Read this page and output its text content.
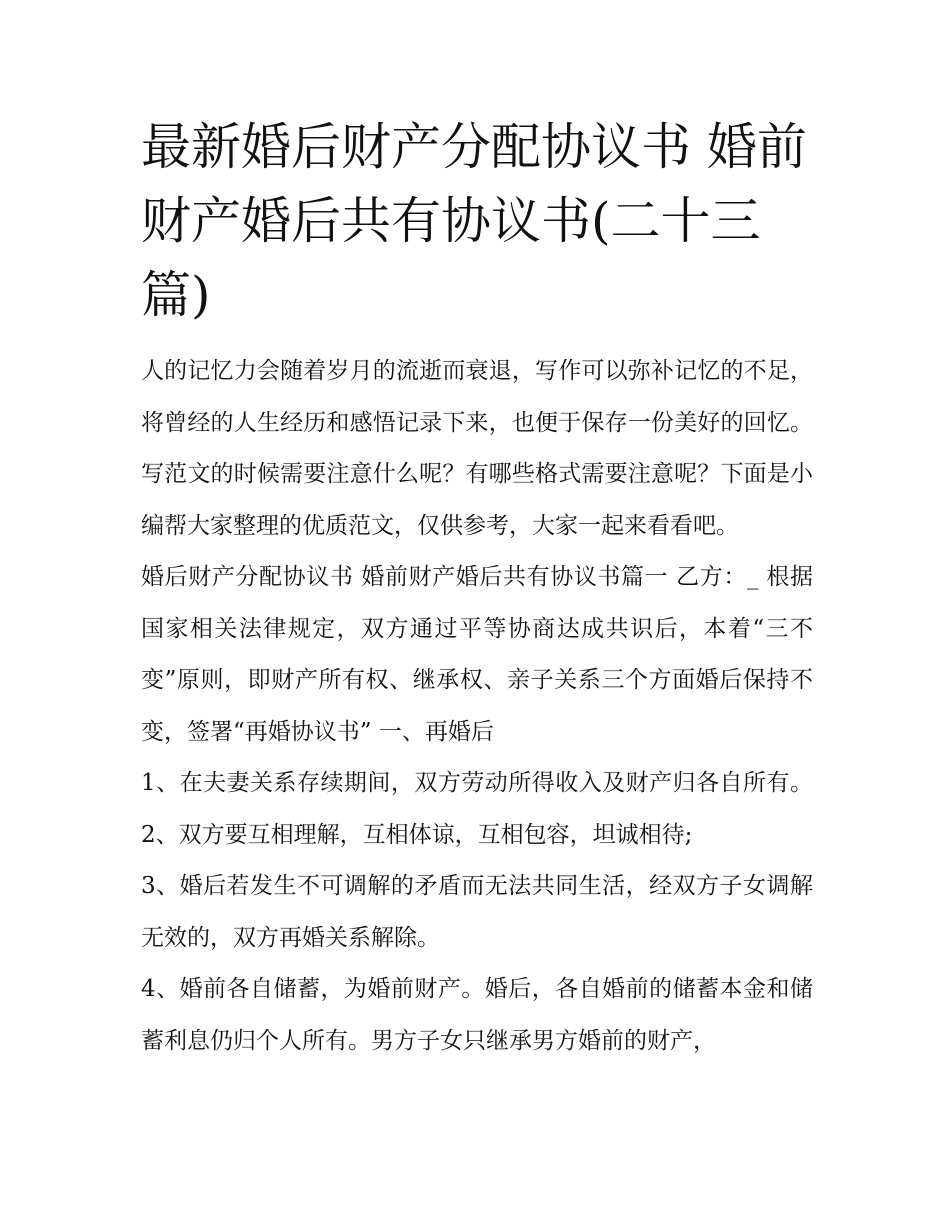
最新婚后财产分配协议书 婚前财产婚后共有协议书(二十三篇)

人的记忆力会随着岁月的流逝而衰退，写作可以弥补记忆的不足，将曾经的人生经历和感悟记录下来，也便于保存一份美好的回忆。写范文的时候需要注意什么呢？有哪些格式需要注意呢？下面是小编帮大家整理的优质范文，仅供参考，大家一起来看看吧。

婚后财产分配协议书 婚前财产婚后共有协议书篇一 乙方：_ 根据国家相关法律规定，双方通过平等协商达成共识后，本着“三不变”原则，即财产所有权、继承权、亲子关系三个方面婚后保持不变，签署“再婚协议书” 一、再婚后

1、在夫妻关系存续期间，双方劳动所得收入及财产归各自所有。 2、双方要互相理解，互相体谅，互相包容，坦诚相待;

3、婚后若发生不可调解的矛盾而无法共同生活，经双方子女调解无效的，双方再婚关系解除。

4、婚前各自储蓄，为婚前财产。婚后，各自婚前的储蓄本金和储蓄利息仍归个人所有。男方子女只继承男方婚前的财产，
